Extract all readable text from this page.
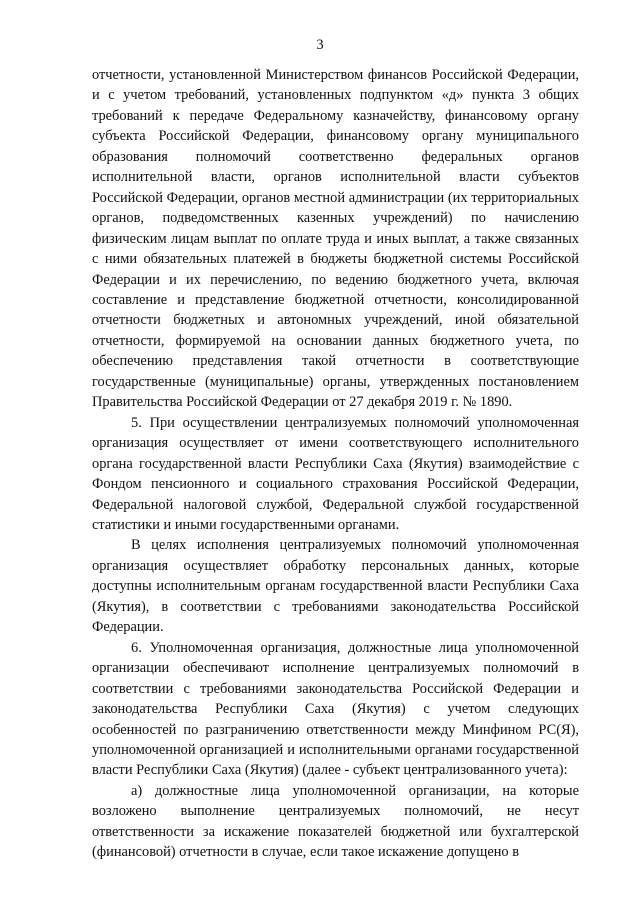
3

отчетности, установленной Министерством финансов Российской Федерации, и с учетом требований, установленных подпунктом «д» пункта 3 общих требований к передаче Федеральному казначейству, финансовому органу субъекта Российской Федерации, финансовому органу муниципального образования полномочий соответственно федеральных органов исполнительной власти, органов исполнительной власти субъектов Российской Федерации, органов местной администрации (их территориальных органов, подведомственных казенных учреждений) по начислению физическим лицам выплат по оплате труда и иных выплат, а также связанных с ними обязательных платежей в бюджеты бюджетной системы Российской Федерации и их перечислению, по ведению бюджетного учета, включая составление и представление бюджетной отчетности, консолидированной отчетности бюджетных и автономных учреждений, иной обязательной отчетности, формируемой на основании данных бюджетного учета, по обеспечению представления такой отчетности в соответствующие государственные (муниципальные) органы, утвержденных постановлением Правительства Российской Федерации от 27 декабря 2019 г. № 1890.

5. При осуществлении централизуемых полномочий уполномоченная организация осуществляет от имени соответствующего исполнительного органа государственной власти Республики Саха (Якутия) взаимодействие с Фондом пенсионного и социального страхования Российской Федерации, Федеральной налоговой службой, Федеральной службой государственной статистики и иными государственными органами.

В целях исполнения централизуемых полномочий уполномоченная организация осуществляет обработку персональных данных, которые доступны исполнительным органам государственной власти Республики Саха (Якутия), в соответствии с требованиями законодательства Российской Федерации.

6. Уполномоченная организация, должностные лица уполномоченной организации обеспечивают исполнение централизуемых полномочий в соответствии с требованиями законодательства Российской Федерации и законодательства Республики Саха (Якутия) с учетом следующих особенностей по разграничению ответственности между Минфином РС(Я), уполномоченной организацией и исполнительными органами государственной власти Республики Саха (Якутия) (далее - субъект централизованного учета):

а) должностные лица уполномоченной организации, на которые возложено выполнение централизуемых полномочий, не несут ответственности за искажение показателей бюджетной или бухгалтерской (финансовой) отчетности в случае, если такое искажение допущено в
